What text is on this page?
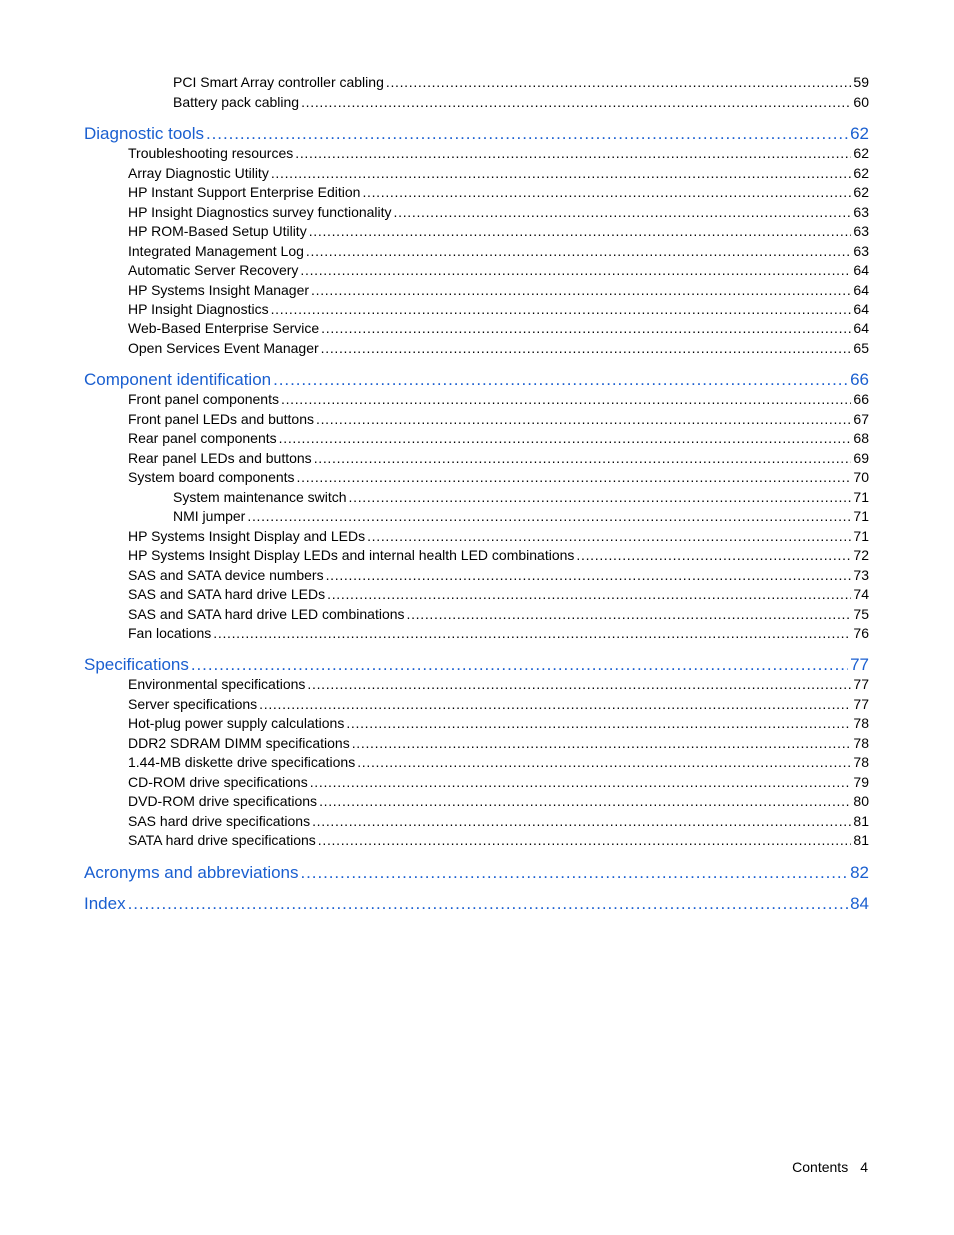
PCI Smart Array controller cabling . . .	59
Battery pack cabling . . .	60
Diagnostic tools . . .	62
Troubleshooting resources . . .	62
Array Diagnostic Utility . . .	62
HP Instant Support Enterprise Edition . . .	62
HP Insight Diagnostics survey functionality . . .	63
HP ROM-Based Setup Utility . . .	63
Integrated Management Log . . .	63
Automatic Server Recovery . . .	64
HP Systems Insight Manager . . .	64
HP Insight Diagnostics . . .	64
Web-Based Enterprise Service . . .	64
Open Services Event Manager . . .	65
Component identification . . .	66
Front panel components . . .	66
Front panel LEDs and buttons . . .	67
Rear panel components . . .	68
Rear panel LEDs and buttons . . .	69
System board components . . .	70
System maintenance switch . . .	71
NMI jumper . . .	71
HP Systems Insight Display and LEDs . . .	71
HP Systems Insight Display LEDs and internal health LED combinations . . .	72
SAS and SATA device numbers . . .	73
SAS and SATA hard drive LEDs . . .	74
SAS and SATA hard drive LED combinations . . .	75
Fan locations . . .	76
Specifications . . .	77
Environmental specifications . . .	77
Server specifications . . .	77
Hot-plug power supply calculations . . .	78
DDR2 SDRAM DIMM specifications . . .	78
1.44-MB diskette drive specifications . . .	78
CD-ROM drive specifications . . .	79
DVD-ROM drive specifications . . .	80
SAS hard drive specifications . . .	81
SATA hard drive specifications . . .	81
Acronyms and abbreviations . . .	82
Index . . .	84
Contents 4
